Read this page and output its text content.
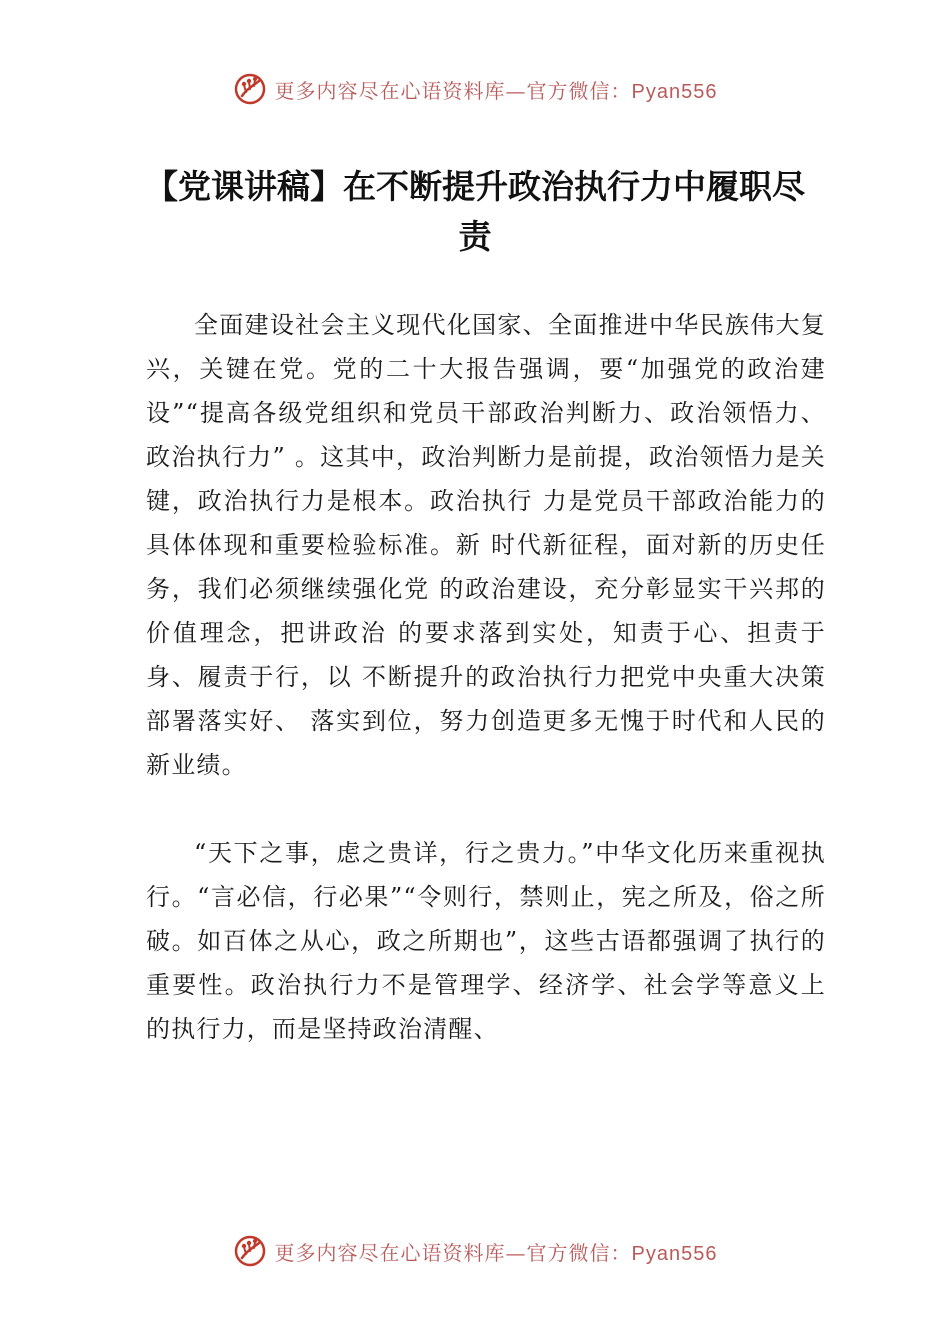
更多内容尽在心语资料库—官方微信：Pyan556
【党课讲稿】在不断提升政治执行力中履职尽责

全面建设社会主义现代化国家、全面推进中华民族伟大复兴，关键在党。党的二十大报告强调，要“加强党的政治建设”“提高各级党组织和党员干部政治判断力、政治领悟力、政治执行力” 。这其中，政治判断力是前提，政治领悟力是关键，政治执行力是根本。政治执行 力是党员干部政治能力的具体体现和重要检验标准。新 时代新征程，面对新的历史任务，我们必须继续强化党 的政治建设，充分彰显实干兴邦的价值理念，把讲政治 的要求落到实处，知责于心、担责于身、履责于行，以 不断提升的政治执行力把党中央重大决策部署落实好、 落实到位，努力创造更多无愧于时代和人民的新业绩。

“天下之事，虑之贵详，行之贵力。”中华文化历来重视执行。“言必信，行必果”“令则行，禁则止，宪之所及，俗之所破。如百体之从心，政之所期也”，这些古语都强调了执行的重要性。政治执行力不是管理学、经济学、社会学等意义上的执行力，而是坚持政治清醒、

更多内容尽在心语资料库—官方微信：Pyan556
